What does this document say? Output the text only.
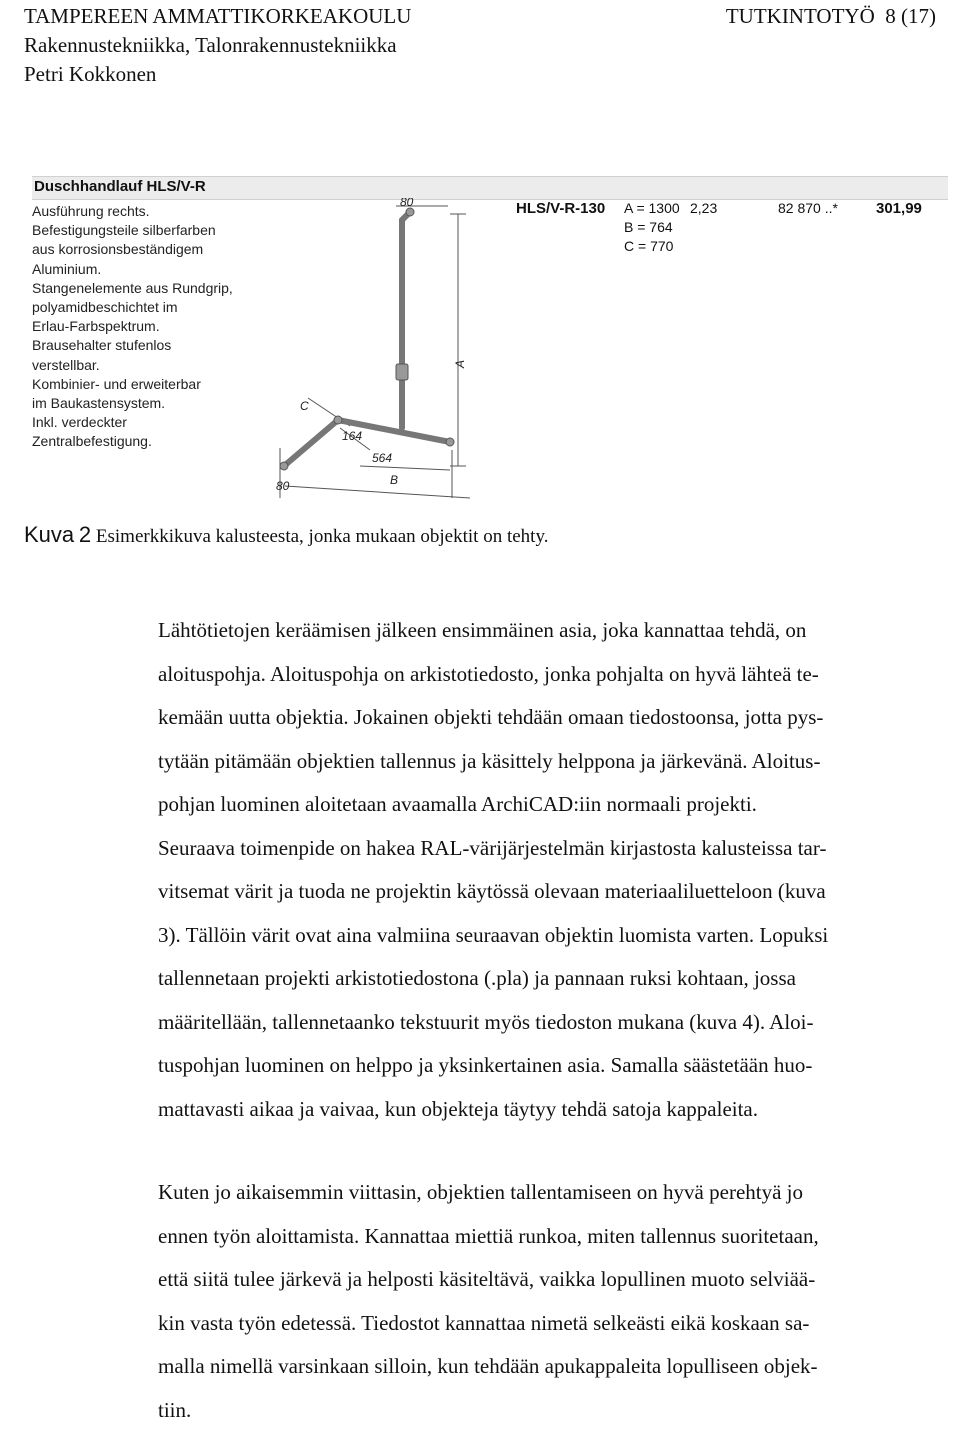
TAMPEREEN AMMATTIKORKEAKOULU
Rakennustekniikka, Talonrakennustekniikka
Petri Kokkonen
TUTKINTOTYÖ 8 (17)
Duschhandlauf HLS/V-R
Ausführung rechts.
Befestigungsteile silberfarben
aus korrosionsbeständigem
Aluminium.
Stangenelemente aus Rundgrip,
polyamidbeschichtet im
Erlau-Farbspektrum.
Brausehalter stufenlos
verstellbar.
Kombinier- und erweiterbar
im Baukastensystem.
Inkl. verdeckter
Zentralbefestigung.
80
A
C
164
564
B
80
HLS/V-R-130 A = 1300
B = 764
C = 770
2,23	82 870 ..*	301,99
Kuva 2 Esimerkkikuva kalusteesta, jonka mukaan objektit on tehty.
Lähtötietojen keräämisen jälkeen ensimmäinen asia, joka kannattaa tehdä, on
aloituspohja. Aloituspohja on arkistotiedosto, jonka pohjalta on hyvä lähteä te-
kemään uutta objektia. Jokainen objekti tehdään omaan tiedostoonsa, jotta pys-
tytään pitämään objektien tallennus ja käsittely helppona ja järkevänä. Aloitus-
pohjan luominen aloitetaan avaamalla ArchiCAD:iin normaali projekti.
Seuraava toimenpide on hakea RAL-värijärjestelmän kirjastosta kalusteissa tar-
vitsemat värit ja tuoda ne projektin käytössä olevaan materiaaliluetteloon (kuva
3). Tällöin värit ovat aina valmiina seuraavan objektin luomista varten. Lopuksi
tallennetaan projekti arkistotiedostona (.pla) ja pannaan ruksi kohtaan, jossa
määritellään, tallennetaanko tekstuurit myös tiedoston mukana (kuva 4). Aloi-
tuspohjan luominen on helppo ja yksinkertainen asia. Samalla säästetään huo-
mattavasti aikaa ja vaivaa, kun objekteja täytyy tehdä satoja kappaleita.
Kuten jo aikaisemmin viittasin, objektien tallentamiseen on hyvä perehtyä jo
ennen työn aloittamista. Kannattaa miettiä runkoa, miten tallennus suoritetaan,
että siitä tulee järkevä ja helposti käsiteltävä, vaikka lopullinen muoto selviää-
kin vasta työn edetessä. Tiedostot kannattaa nimetä selkeästi eikä koskaan sa-
malla nimellä varsinkaan silloin, kun tehdään apukappaleita lopulliseen objek-
tiin.
